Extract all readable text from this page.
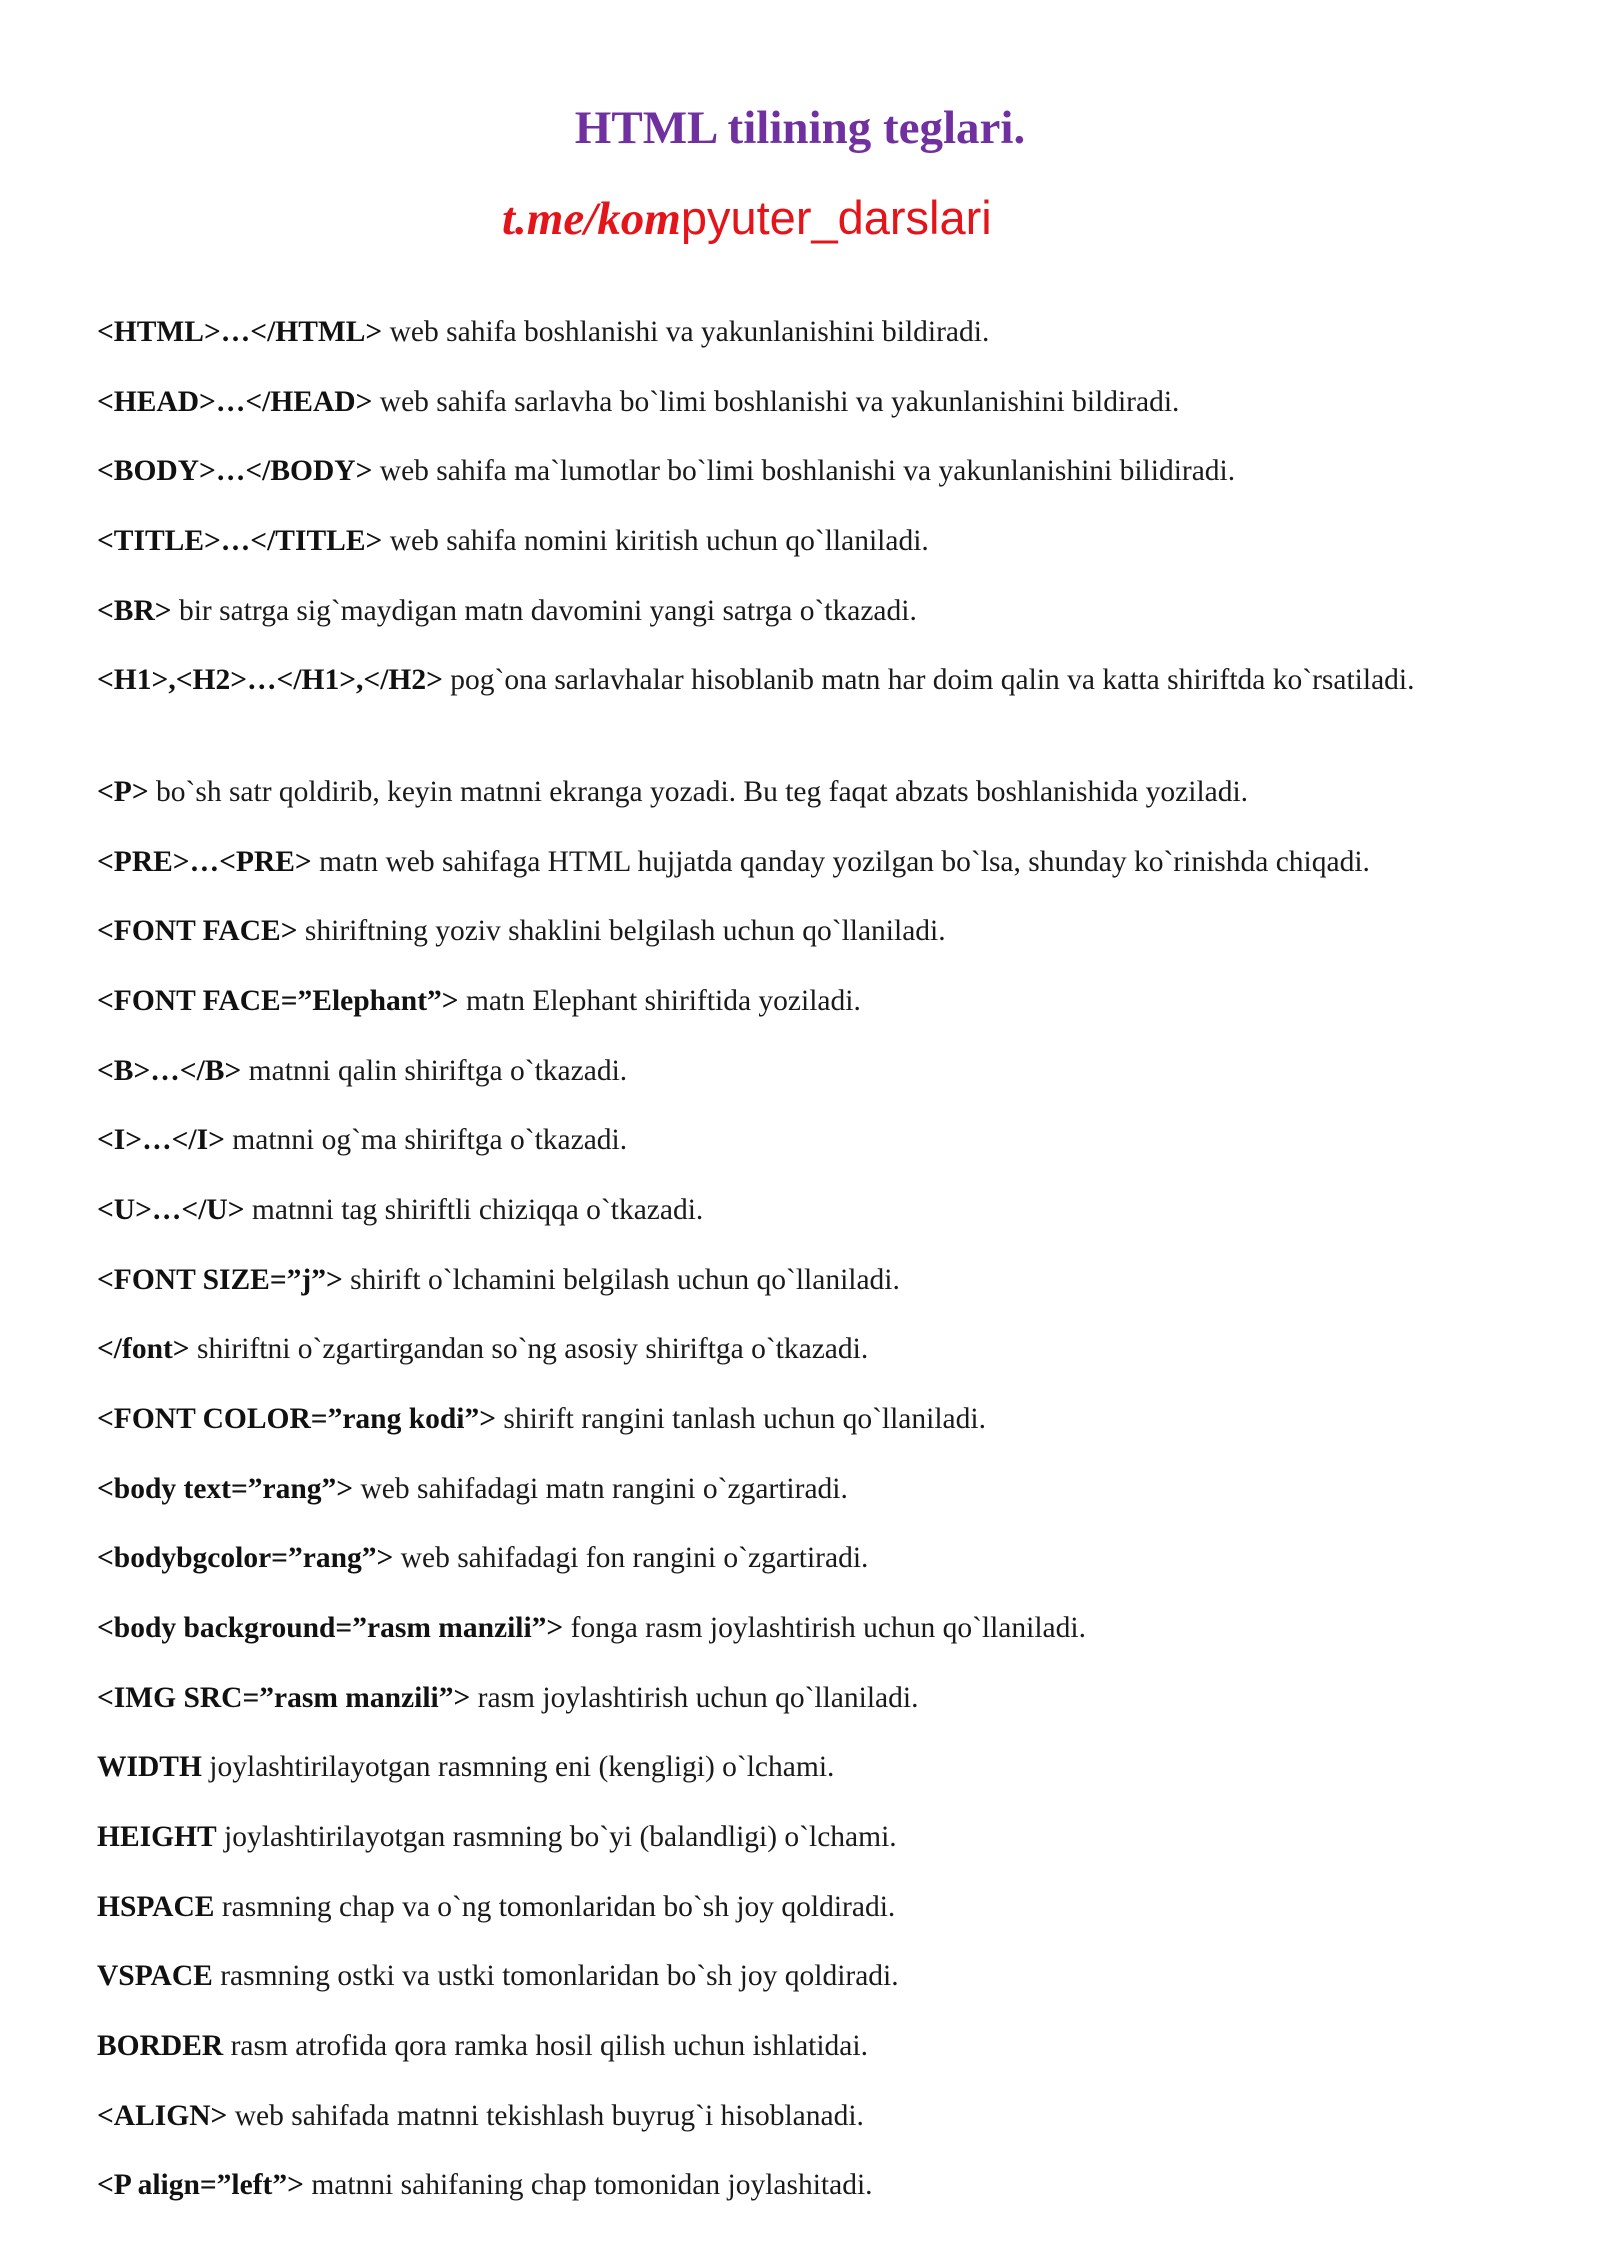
HTML tilining teglari.
t.me/kompyuter_darslari

<HTML>…</HTML> web sahifa boshlanishi va yakunlanishini bildiradi.

<HEAD>…</HEAD> web sahifa sarlavha bo`limi boshlanishi va yakunlanishini bildiradi.

<BODY>…</BODY> web sahifa ma`lumotlar bo`limi boshlanishi va yakunlanishini bilidiradi.

<TITLE>…</TITLE> web sahifa nomini kiritish uchun qo`llaniladi.

<BR> bir satrga sig`maydigan matn davomini yangi satrga o`tkazadi.

<H1>,<H2>…</H1>,</H2> pog`ona sarlavhalar hisoblanib matn har doim qalin va katta shiriftda ko`rsatiladi.

<P> bo`sh satr qoldirib, keyin matnni ekranga yozadi. Bu teg faqat abzats boshlanishida yoziladi.

<PRE>…<PRE> matn web sahifaga HTML hujjatda qanday yozilgan bo`lsa, shunday ko`rinishda chiqadi.

<FONT FACE> shiriftning yoziv shaklini belgilash uchun qo`llaniladi.

<FONT FACE=”Elephant”> matn Elephant shiriftida yoziladi.

<B>…</B> matnni qalin shiriftga o`tkazadi.

<I>…</I> matnni og`ma shiriftga o`tkazadi.

<U>…</U> matnni tag shiriftli chiziqqa o`tkazadi.

<FONT SIZE=”j”> shirift o`lchamini belgilash uchun qo`llaniladi.

</font> shiriftni o`zgartirgandan so`ng asosiy shiriftga o`tkazadi.

<FONT COLOR=”rang kodi”> shirift rangini tanlash uchun qo`llaniladi.

<body text=”rang”> web sahifadagi matn rangini o`zgartiradi.

<bodybgcolor=”rang”> web sahifadagi fon rangini o`zgartiradi.

<body background=”rasm manzili”> fonga rasm joylashtirish uchun qo`llaniladi.

<IMG SRC=”rasm manzili”> rasm joylashtirish uchun qo`llaniladi.

WIDTH joylashtirilayotgan rasmning eni (kengligi) o`lchami.

HEIGHT joylashtirilayotgan rasmning bo`yi (balandligi) o`lchami.

HSPACE rasmning chap va o`ng tomonlaridan bo`sh joy qoldiradi.

VSPACE rasmning ostki va ustki tomonlaridan bo`sh joy qoldiradi.

BORDER rasm atrofida qora ramka hosil qilish uchun ishlatidai.

<ALIGN> web sahifada matnni tekishlash buyrug`i hisoblanadi.

<P align=”left”> matnni sahifaning chap tomonidan joylashitadi.
